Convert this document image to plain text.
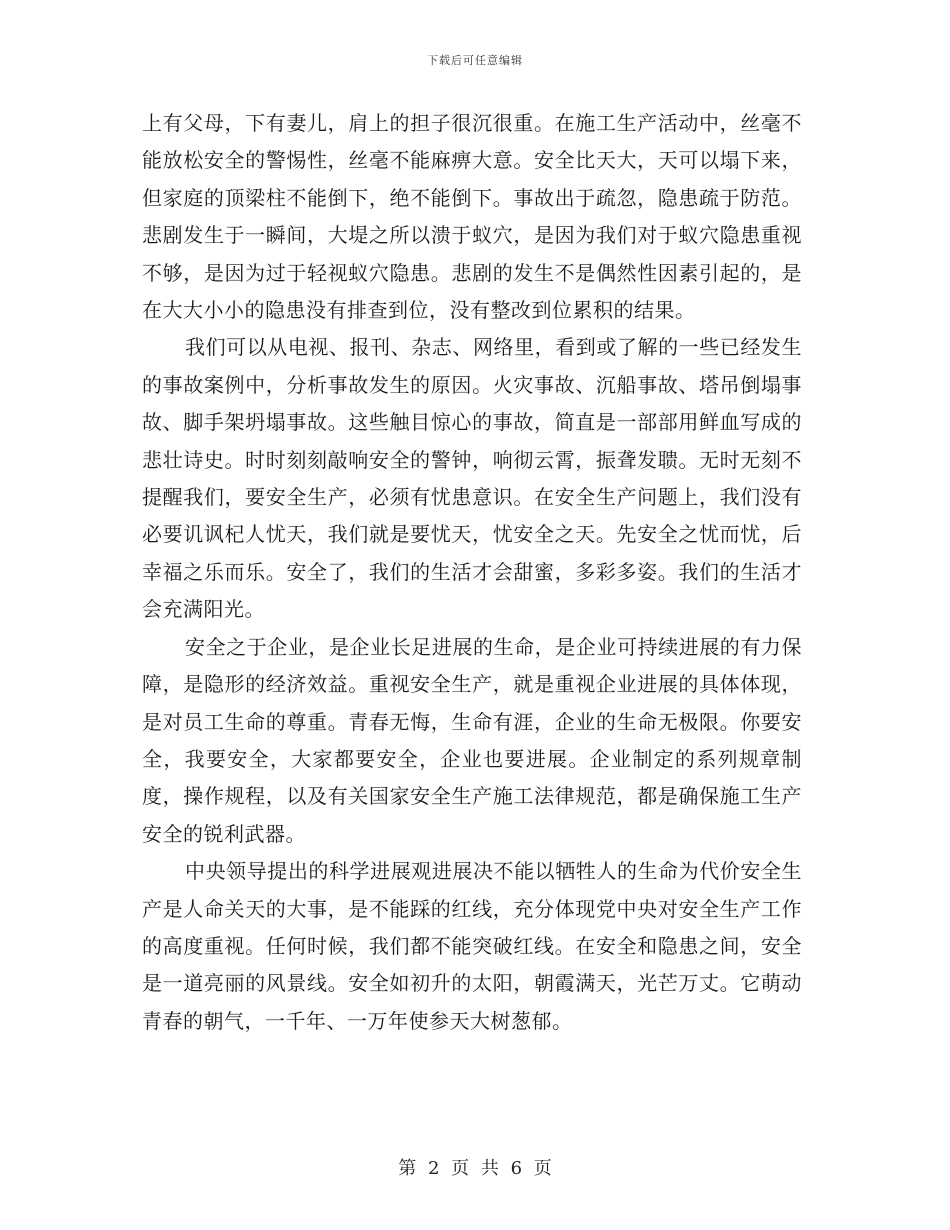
下载后可任意编辑

上有父母，下有妻儿，肩上的担子很沉很重。在施工生产活动中，丝毫不能放松安全的警惕性，丝毫不能麻痹大意。安全比天大，天可以塌下来，但家庭的顶梁柱不能倒下，绝不能倒下。事故出于疏忽，隐患疏于防范。悲剧发生于一瞬间，大堤之所以溃于蚁穴，是因为我们对于蚁穴隐患重视不够，是因为过于轻视蚁穴隐患。悲剧的发生不是偶然性因素引起的，是在大大小小的隐患没有排查到位，没有整改到位累积的结果。

我们可以从电视、报刊、杂志、网络里，看到或了解的一些已经发生的事故案例中，分析事故发生的原因。火灾事故、沉船事故、塔吊倒塌事故、脚手架坍塌事故。这些触目惊心的事故，简直是一部部用鲜血写成的悲壮诗史。时时刻刻敲响安全的警钟，响彻云霄，振聋发聩。无时无刻不提醒我们，要安全生产，必须有忧患意识。在安全生产问题上，我们没有必要讥讽杞人忧天，我们就是要忧天，忧安全之天。先安全之忧而忧，后幸福之乐而乐。安全了，我们的生活才会甜蜜，多彩多姿。我们的生活才会充满阳光。

安全之于企业，是企业长足进展的生命，是企业可持续进展的有力保障，是隐形的经济效益。重视安全生产，就是重视企业进展的具体体现，是对员工生命的尊重。青春无悔，生命有涯，企业的生命无极限。你要安全，我要安全，大家都要安全，企业也要进展。企业制定的系列规章制度，操作规程，以及有关国家安全生产施工法律规范，都是确保施工生产安全的锐利武器。

中央领导提出的科学进展观进展决不能以牺牲人的生命为代价安全生产是人命关天的大事，是不能踩的红线，充分体现党中央对安全生产工作的高度重视。任何时候，我们都不能突破红线。在安全和隐患之间，安全是一道亮丽的风景线。安全如初升的太阳，朝霞满天，光芒万丈。它萌动青春的朝气，一千年、一万年使参天大树葱郁。

第 2 页 共 6 页
